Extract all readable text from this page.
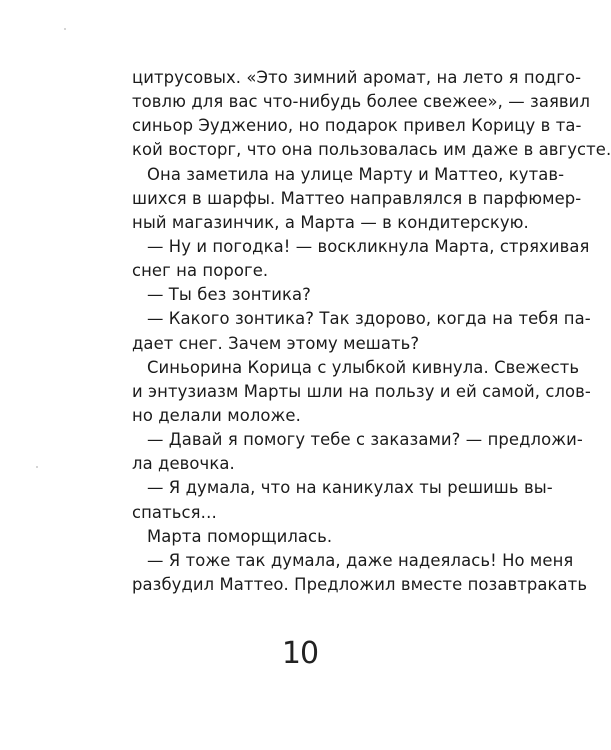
цитрусовых. «Это зимний аромат, на лето я подго-
товлю для вас что-нибудь более свежее», — заявил
синьор Эудженио, но подарок привел Корицу в та-
кой восторг, что она пользовалась им даже в августе.
Она заметила на улице Марту и Маттео, кутав-
шихся в шарфы. Маттео направлялся в парфюмер-
ный магазинчик, а Марта — в кондитерскую.
— Ну и погодка! — воскликнула Марта, стряхивая
снег на пороге.
— Ты без зонтика?
— Какого зонтика? Так здорово, когда на тебя па-
дает снег. Зачем этому мешать?
Синьорина Корица с улыбкой кивнула. Свежесть
и энтузиазм Марты шли на пользу и ей самой, слов-
но делали моложе.
— Давай я помогу тебе с заказами? — предложи-
ла девочка.
— Я думала, что на каникулах ты решишь вы-
спаться…
Марта поморщилась.
— Я тоже так думала, даже надеялась! Но меня
разбудил Маттео. Предложил вместе позавтракать
10
